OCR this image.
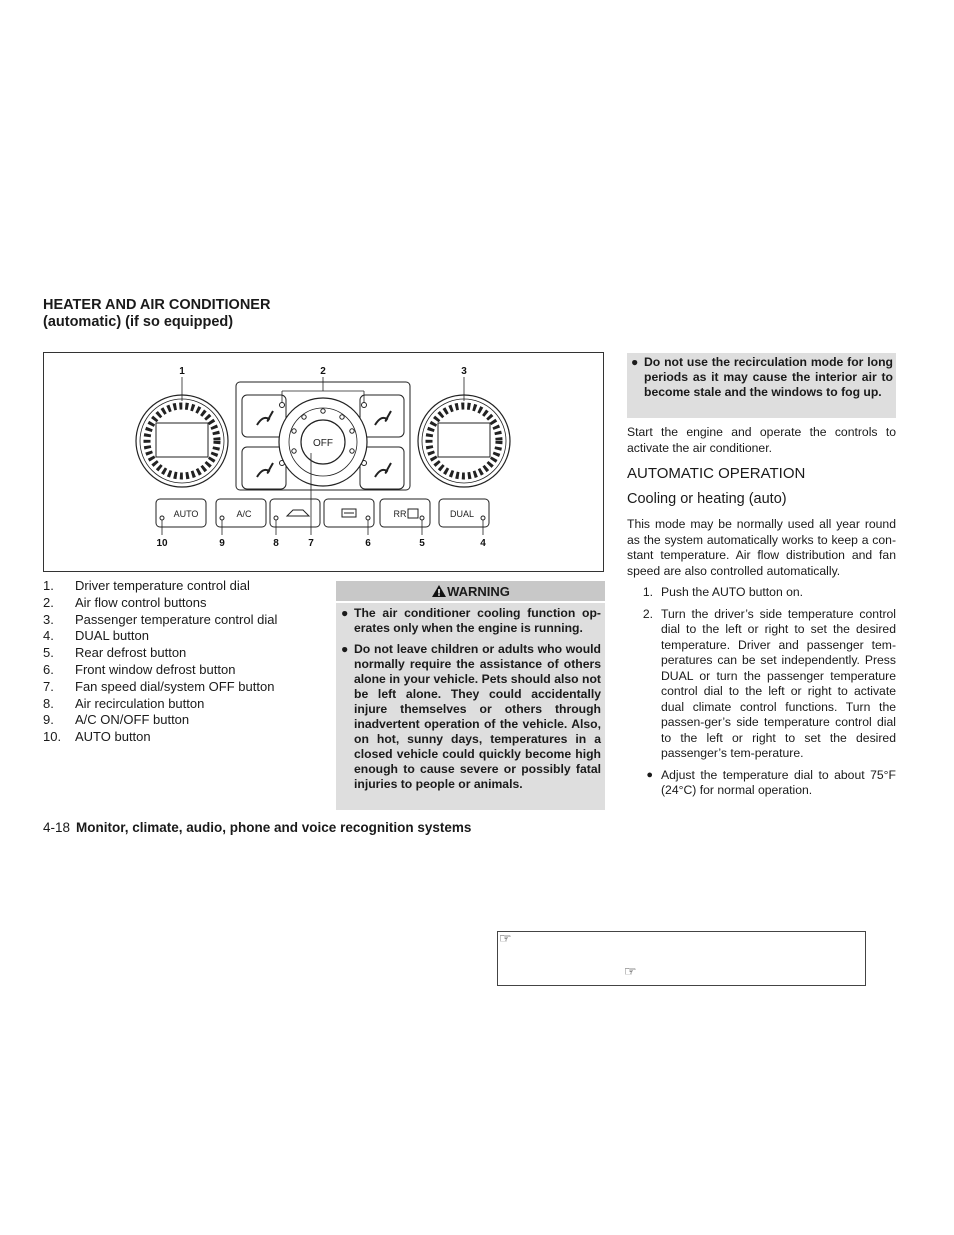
HEATER AND AIR CONDITIONER
(automatic) (if so equipped)
OFF
AUTO	A/C	RR	DUAL
1	2	3
10	9	8	7	6	5	4
1.	Driver temperature control dial
2.	Air flow control buttons
3.	Passenger temperature control dial
4.	DUAL button
5.	Rear defrost button
6.	Front window defrost button
7.	Fan speed dial/system OFF button
8.	Air recirculation button
9.	A/C ON/OFF button
10.	AUTO button
WARNING
● The air conditioner cooling function op-erates only when the engine is running.
● Do not leave children or adults who would normally require the assistance of others alone in your vehicle. Pets should also not be left alone. They could accidentally injure themselves or others through inadvertent operation of the vehicle. Also, on hot, sunny days, temperatures in a closed vehicle could quickly become high enough to cause severe or possibly fatal injuries to people or animals.
● Do not use the recirculation mode for long periods as it may cause the interior air to become stale and the windows to fog up.
Start the engine and operate the controls to activate the air conditioner.
AUTOMATIC OPERATION
Cooling or heating (auto)
This mode may be normally used all year round as the system automatically works to keep a con-stant temperature. Air flow distribution and fan speed are also controlled automatically.
1. Push the AUTO button on.
2. Turn the driver’s side temperature control dial to the left or right to set the desired temperature. Driver and passenger tem-peratures can be set independently. Press DUAL or turn the passenger temperature control dial to the left or right to activate dual climate control functions. Turn the passen-ger’s side temperature control dial to the left or right to set the desired passenger’s tem-perature.
● Adjust the temperature dial to about 75°F (24°C) for normal operation.
4-18 Monitor, climate, audio, phone and voice recognition systems
☞
☞
